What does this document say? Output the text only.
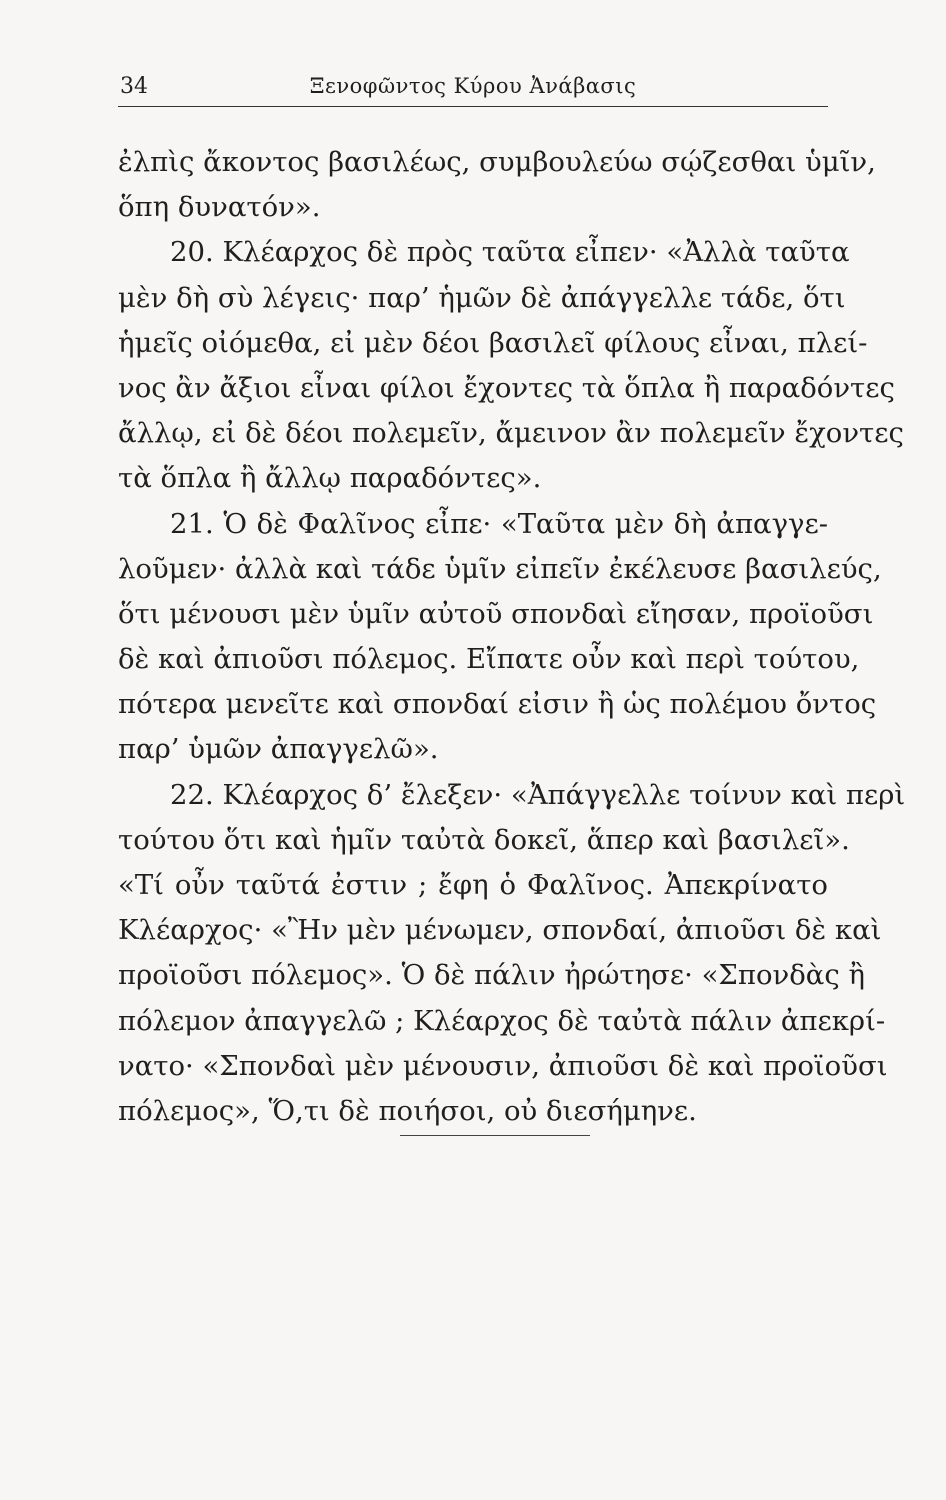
34	Ξενοφῶντος Κύρου Ἀνάβασις
ἐλπὶς ἄκοντος βασιλέως, συμβουλεύω σῴζεσθαι ὑμῖν,
ὅπη δυνατόν».
20. Κλέαρχος δὲ πρὸς ταῦτα εἶπεν· «Ἀλλὰ ταῦτα
μὲν δὴ σὺ λέγεις· παρ’ ἡμῶν δὲ ἀπάγγελλε τάδε, ὅτι
ἡμεῖς οἰόμεθα, εἰ μὲν δέοι βασιλεῖ φίλους εἶναι, πλεί-
νος ἂν ἄξιοι εἶναι φίλοι ἔχοντες τὰ ὅπλα ἢ παραδόντες
ἄλλῳ, εἰ δὲ δέοι πολεμεῖν, ἄμεινον ἂν πολεμεῖν ἔχοντες
τὰ ὅπλα ἢ ἄλλῳ παραδόντες».
21. Ὁ δὲ Φαλῖνος εἶπε· «Ταῦτα μὲν δὴ ἀπαγγε-
λοῦμεν· ἀλλὰ καὶ τάδε ὑμῖν εἰπεῖν ἐκέλευσε βασιλεύς,
ὅτι μένουσι μὲν ὑμῖν αὐτοῦ σπονδαὶ εἴησαν, προϊοῦσι
δὲ καὶ ἀπιοῦσι πόλεμος. Εἴπατε οὖν καὶ περὶ τούτου,
πότερα μενεῖτε καὶ σπονδαί εἰσιν ἢ ὡς πολέμου ὄντος
παρ’ ὑμῶν ἀπαγγελῶ».
22. Κλέαρχος δ’ ἔλεξεν· «Ἀπάγγελλε τοίνυν καὶ περὶ
τούτου ὅτι καὶ ἡμῖν ταὐτὰ δοκεῖ, ἅπερ καὶ βασιλεῖ».
«Τί οὖν ταῦτά ἐστιν ; ἔφη ὁ Φαλῖνος. Ἀπεκρίνατο
Κλέαρχος· «Ἢν μὲν μένωμεν, σπονδαί, ἀπιοῦσι δὲ καὶ
προϊοῦσι πόλεμος». Ὁ δὲ πάλιν ἠρώτησε· «Σπονδὰς ἢ
πόλεμον ἀπαγγελῶ ; Κλέαρχος δὲ ταὐτὰ πάλιν ἀπεκρί-
νατο· «Σπονδαὶ μὲν μένουσιν, ἀπιοῦσι δὲ καὶ προϊοῦσι
πόλεμος», Ὅ,τι δὲ ποιήσοι, οὐ διεσήμηνε.
